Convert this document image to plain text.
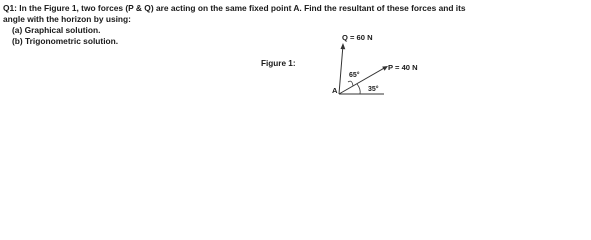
Q1: In the Figure 1, two forces (P & Q) are acting on the same fixed point A. Find the resultant of these forces and its
angle with the horizon by using:
(a) Graphical solution.
(b) Trigonometric solution.
Figure 1:
Q = 60 N
P = 40 N
65°
35°
A
